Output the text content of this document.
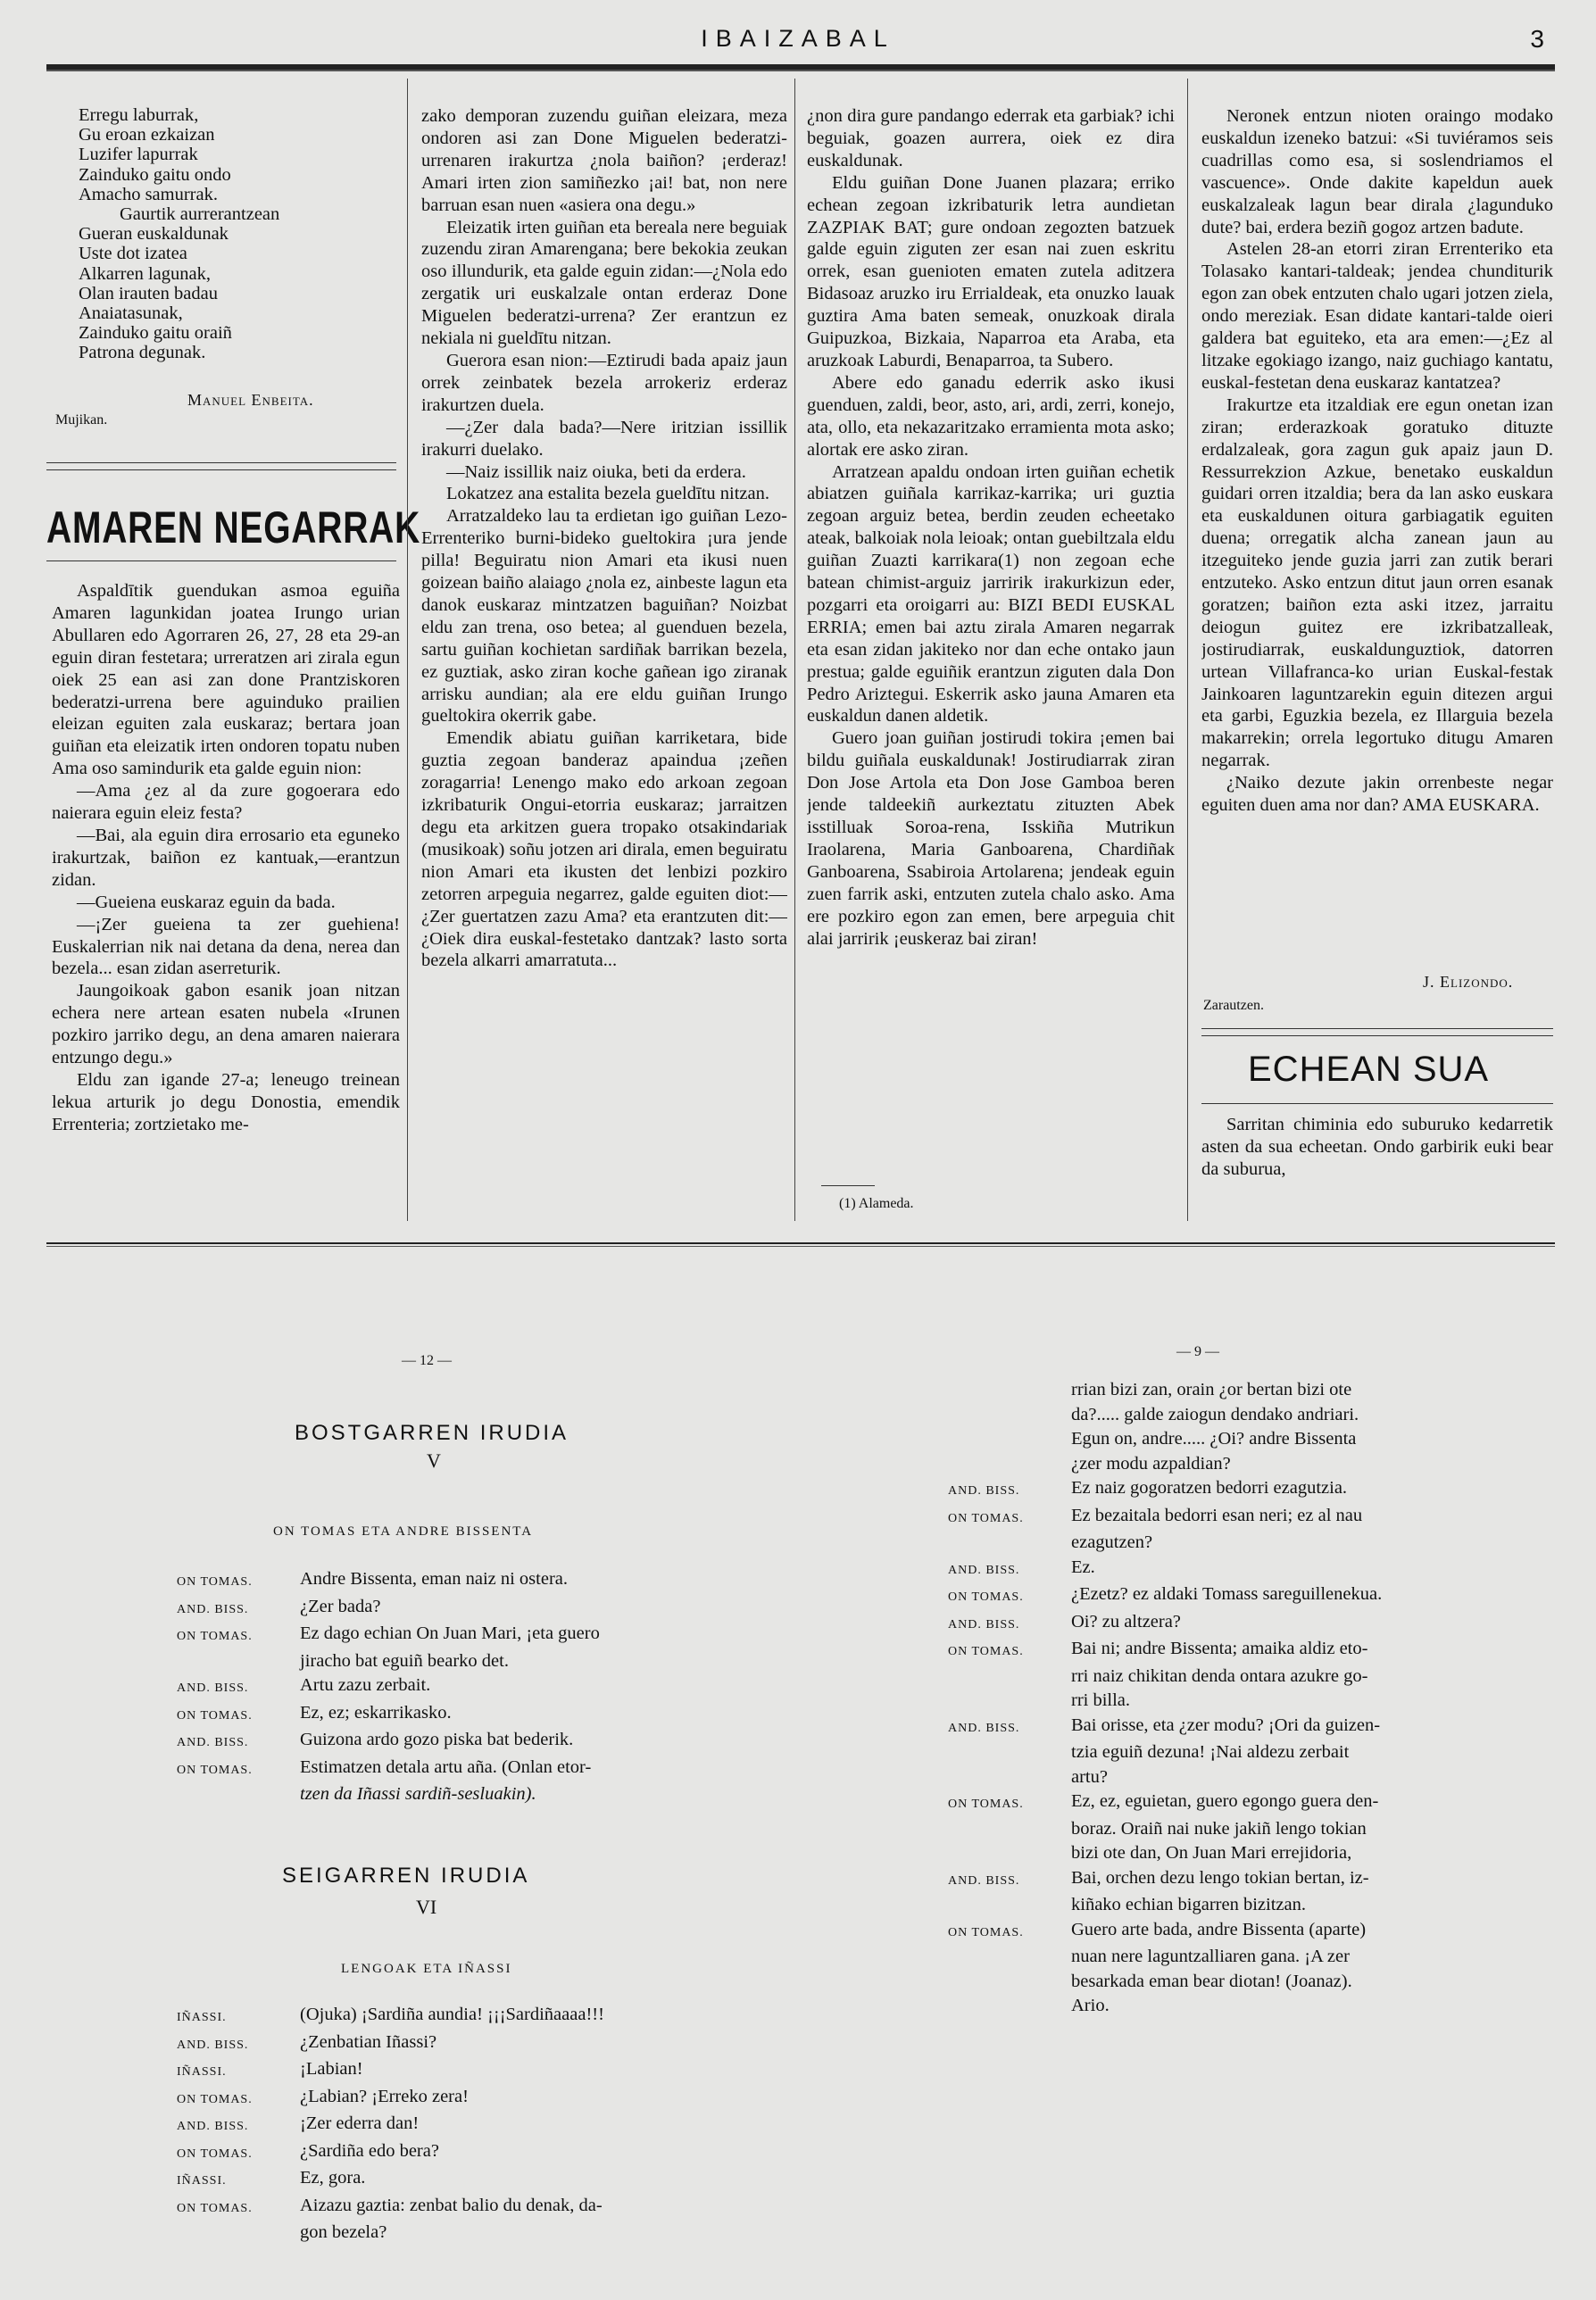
IBAIZABAL	3
Erregu laburrak,
Gu eroan ezkaizan
Luzifer lapurrak
Zainduko gaitu ondo
Amacho samurrak.
Gaurtik aurrerantzean
Gueran euskaldunak
Uste dot izatea
Alkarren lagunak,
Olan irauten badau
Anaiatasunak,
Zainduko gaitu oraiñ
Patrona degunak.
Manuel Enbeita.
Mujikan.
AMAREN NEGARRAK

Aspaldītik guendukan asmoa eguiña Amaren lagunkidan joatea Irungo urian Abullaren edo Agorraren 26, 27, 28 eta 29-an eguin diran festetara; urreratzen ari zirala egun oiek 25 ean asi zan done Prantziskoren bederatzi-urrena bere aguinduko prailien eleizan eguiten zala euskaraz; bertara joan guiñan eta eleizatik irten ondoren topatu nuben Ama oso samindurik eta galde eguin nion:

—Ama ¿ez al da zure gogoerara edo naierara eguin eleiz festa?

—Bai, ala eguin dira errosario eta eguneko irakurtzak, baiñon ez kantuak,—erantzun zidan.

—Gueiena euskaraz eguin da bada.

—¡Zer gueiena ta zer guehiena! Euskalerrian nik nai detana da dena, nerea dan bezela... esan zidan aserreturik.

Jaungoikoak gabon esanik joan nitzan echera nere artean esaten nubela «Irunen pozkiro jarriko degu, an dena amaren naierara entzungo degu.»

Eldu zan igande 27-a; leneugo treinean lekua arturik jo degu Donostia, emendik Errenteria; zortzietako me-

zako demporan zuzendu guiñan eleizara, meza ondoren asi zan Done Miguelen bederatzi-urrenaren irakurtza ¿nola baiñon? ¡erderaz! Amari irten zion samiñezko ¡ai! bat, non nere barruan esan nuen «asiera ona degu.»

Eleizatik irten guiñan eta bereala nere beguiak zuzendu ziran Amarengana; bere bekokia zeukan oso illundurik, eta galde eguin zidan:—¿Nola edo zergatik uri euskalzale ontan erderaz Done Miguelen bederatzi-urrena? Zer erantzun ez nekiala ni gueldītu nitzan.

Guerora esan nion:—Eztirudi bada apaiz jaun orrek zeinbatek bezela arrokeriz erderaz irakurtzen duela.

—¿Zer dala bada?—Nere iritzian issillik irakurri duelako.

—Naiz issillik naiz oiuka, beti da erdera.

Lokatzez ana estalita bezela gueldītu nitzan.

Arratzaldeko lau ta erdietan igo guiñan Lezo-Errenteriko burni-bideko gueltokira ¡ura jende pilla! Beguiratu nion Amari eta ikusi nuen goizean baiño alaiago ¿nola ez, ainbeste lagun eta danok euskaraz mintzatzen baguiñan? Noizbat eldu zan trena, oso betea; al guenduen bezela, sartu guiñan kochietan sardiñak barrikan bezela, ez guztiak, asko ziran koche gañean igo ziranak arrisku aundian; ala ere eldu guiñan Irungo gueltokira okerrik gabe.

Emendik abiatu guiñan karriketara, bide guztia zegoan banderaz apaindua ¡zeñen zoragarria! Lenengo mako edo arkoan zegoan izkribaturik Ongui-etorria euskaraz; jarraitzen degu eta arkitzen guera tropako otsakindariak (musikoak) soñu jotzen ari dirala, emen beguiratu nion Amari eta ikusten det lenbizi pozkiro zetorren arpeguia negarrez, galde eguiten diot:—¿Zer guertatzen zazu Ama? eta erantzuten dit:—¿Oiek dira euskal-festetako dantzak? lasto sorta bezela alkarri amarratuta...

¿non dira gure pandango ederrak eta garbiak? ichi beguiak, goazen aurrera, oiek ez dira euskaldunak.

Eldu guiñan Done Juanen plazara; erriko echean zegoan izkribaturik letra aundietan ZAZPIAK BAT; gure ondoan zegozten batzuek galde eguin ziguten zer esan nai zuen eskritu orrek, esan guenioten ematen zutela aditzera Bidasoaz aruzko iru Errialdeak, eta onuzko lauak guztira Ama baten semeak, onuzkoak dirala Guipuzkoa, Bizkaia, Naparroa eta Araba, eta aruzkoak Laburdi, Benaparroa, ta Subero.

Abere edo ganadu ederrik asko ikusi guenduen, zaldi, beor, asto, ari, ardi, zerri, konejo, ata, ollo, eta nekazaritzako erramienta mota asko; alortak ere asko ziran.

Arratzean apaldu ondoan irten guiñan echetik abiatzen guiñala karrikaz-karrika; uri guztia zegoan arguiz betea, berdin zeuden echeetako ateak, balkoiak nola leioak; ontan guebiltzala eldu guiñan Zuazti karrikara(1) non zegoan eche batean chimist-arguiz jarririk irakurkizun eder, pozgarri eta oroigarri au: BIZI BEDI EUSKAL ERRIA; emen bai aztu zirala Amaren negarrak eta esan zidan jakiteko nor dan eche ontako jaun prestua; galde eguiñik erantzun ziguten dala Don Pedro Ariztegui. Eskerrik asko jauna Amaren eta euskaldun danen aldetik.

Guero joan guiñan jostirudi tokira ¡emen bai bildu guiñala euskaldunak! Jostirudiarrak ziran Don Jose Artola eta Don Jose Gamboa beren jende taldeekiñ aurkeztatu zituzten Abek isstilluak Soroa-rena, Isskiña Mutrikun Iraolarena, Maria Ganboarena, Chardiñak Ganboarena, Ssabiroia Artolarena; jendeak eguin zuen farrik aski, entzuten zutela chalo asko. Ama ere pozkiro egon zan emen, bere arpeguia chit alai jarririk ¡euskeraz bai ziran!

(1) Alameda.

Neronek entzun nioten oraingo modako euskaldun izeneko batzui: «Si tuviéramos seis cuadrillas como esa, si soslendriamos el vascuence». Onde dakite kapeldun auek euskalzaleak lagun bear dirala ¿lagunduko dute? bai, erdera beziñ gogoz artzen badute.

Astelen 28-an etorri ziran Errenteriko eta Tolasako kantari-taldeak; jendea chunditurik egon zan obek entzuten chalo ugari jotzen ziela, ondo mereziak. Esan didate kantari-talde oieri galdera bat eguiteko, eta ara emen:—¿Ez al litzake egokiago izango, naiz guchiago kantatu, euskal-festetan dena euskaraz kantatzea?

Irakurtze eta itzaldiak ere egun onetan izan ziran; erderazkoak goratuko dituzte erdalzaleak, gora zagun guk apaiz jaun D. Ressurrekzion Azkue, benetako euskaldun guidari orren itzaldia; bera da lan asko euskara eta euskaldunen oitura garbiagatik eguiten duena; orregatik alcha zanean jaun au itzeguiteko jende guzia jarri zan zutik berari entzuteko. Asko entzun ditut jaun orren esanak goratzen; baiñon ezta aski itzez, jarraitu deiogun guitez ere izkribatzalleak, jostirudiarrak, euskaldunguztiok, datorren urtean Villafranca-ko urian Euskal-festak Jainkoaren laguntzarekin eguin ditezen argui eta garbi, Eguzkia bezela, ez Illarguia bezela makarrekin; orrela legortuko ditugu Amaren negarrak.

¿Naiko dezute jakin orrenbeste negar eguiten duen ama nor dan? AMA EUSKARA.

J. Elizondo.
Zarautzen.
ECHEAN SUA

Sarritan chiminia edo suburuko kedarretik asten da sua echeetan. Ondo garbirik euki bear da suburua,

— 12 —
BOSTGARREN IRUDIA
V
ON TOMAS ETA ANDRE BISSENTA
ON TOMAS.	Andre Bissenta, eman naiz ni ostera.
AND. BISS.	¿Zer bada?
ON TOMAS.	Ez dago echian On Juan Mari, ¡eta guero
jiracho bat eguiñ bearko det.
AND. BISS.	Artu zazu zerbait.
ON TOMAS.	Ez, ez; eskarrikasko.
AND. BISS.	Guizona ardo gozo piska bat bederik.
ON TOMAS.	Estimatzen detala artu aña. (Onlan etor-
tzen da Iñassi sardiñ-sesluakin).
SEIGARREN IRUDIA
VI
LENGOAK ETA IÑASSI
IÑASSI.	(Ojuka) ¡Sardiña aundia! ¡¡¡Sardiñaaaa!!!
AND. BISS.	¿Zenbatian Iñassi?
IÑASSI.	¡Labian!
ON TOMAS.	¿Labian? ¡Erreko zera!
AND. BISS.	¡Zer ederra dan!
ON TOMAS.	¿Sardiña edo bera?
IÑASSI.	Ez, gora.
ON TOMAS.	Aizazu gaztia: zenbat balio du denak, da-
gon bezela?
— 9 —
rrian bizi zan, orain ¿or bertan bizi ote
da?..... galde zaiogun dendako andriari.
Egun on, andre..... ¿Oi? andre Bissenta
¿zer modu azpaldian?
AND. BISS.	Ez naiz gogoratzen bedorri ezagutzia.
ON TOMAS.	Ez bezaitala bedorri esan neri; ez al nau
ezagutzen?
AND. BISS.	Ez.
ON TOMAS.	¿Ezetz? ez aldaki Tomass sareguillenekua.
AND. BISS.	Oi? zu altzera?
ON TOMAS.	Bai ni; andre Bissenta; amaika aldiz eto-
rri naiz chikitan denda ontara azukre go-
rri billa.
AND. BISS.	Bai orisse, eta ¿zer modu? ¡Ori da guizen-
tzia eguiñ dezuna! ¡Nai aldezu zerbait
artu?
ON TOMAS.	Ez, ez, eguietan, guero egongo guera den-
boraz. Oraiñ nai nuke jakiñ lengo tokian
bizi ote dan, On Juan Mari errejidoria,
AND. BISS.	Bai, orchen dezu lengo tokian bertan, iz-
kiñako echian bigarren bizitzan.
ON TOMAS.	Guero arte bada, andre Bissenta (aparte)
nuan nere laguntzalliaren gana. ¡A zer
besarkada eman bear diotan! (Joanaz).
Ario.
